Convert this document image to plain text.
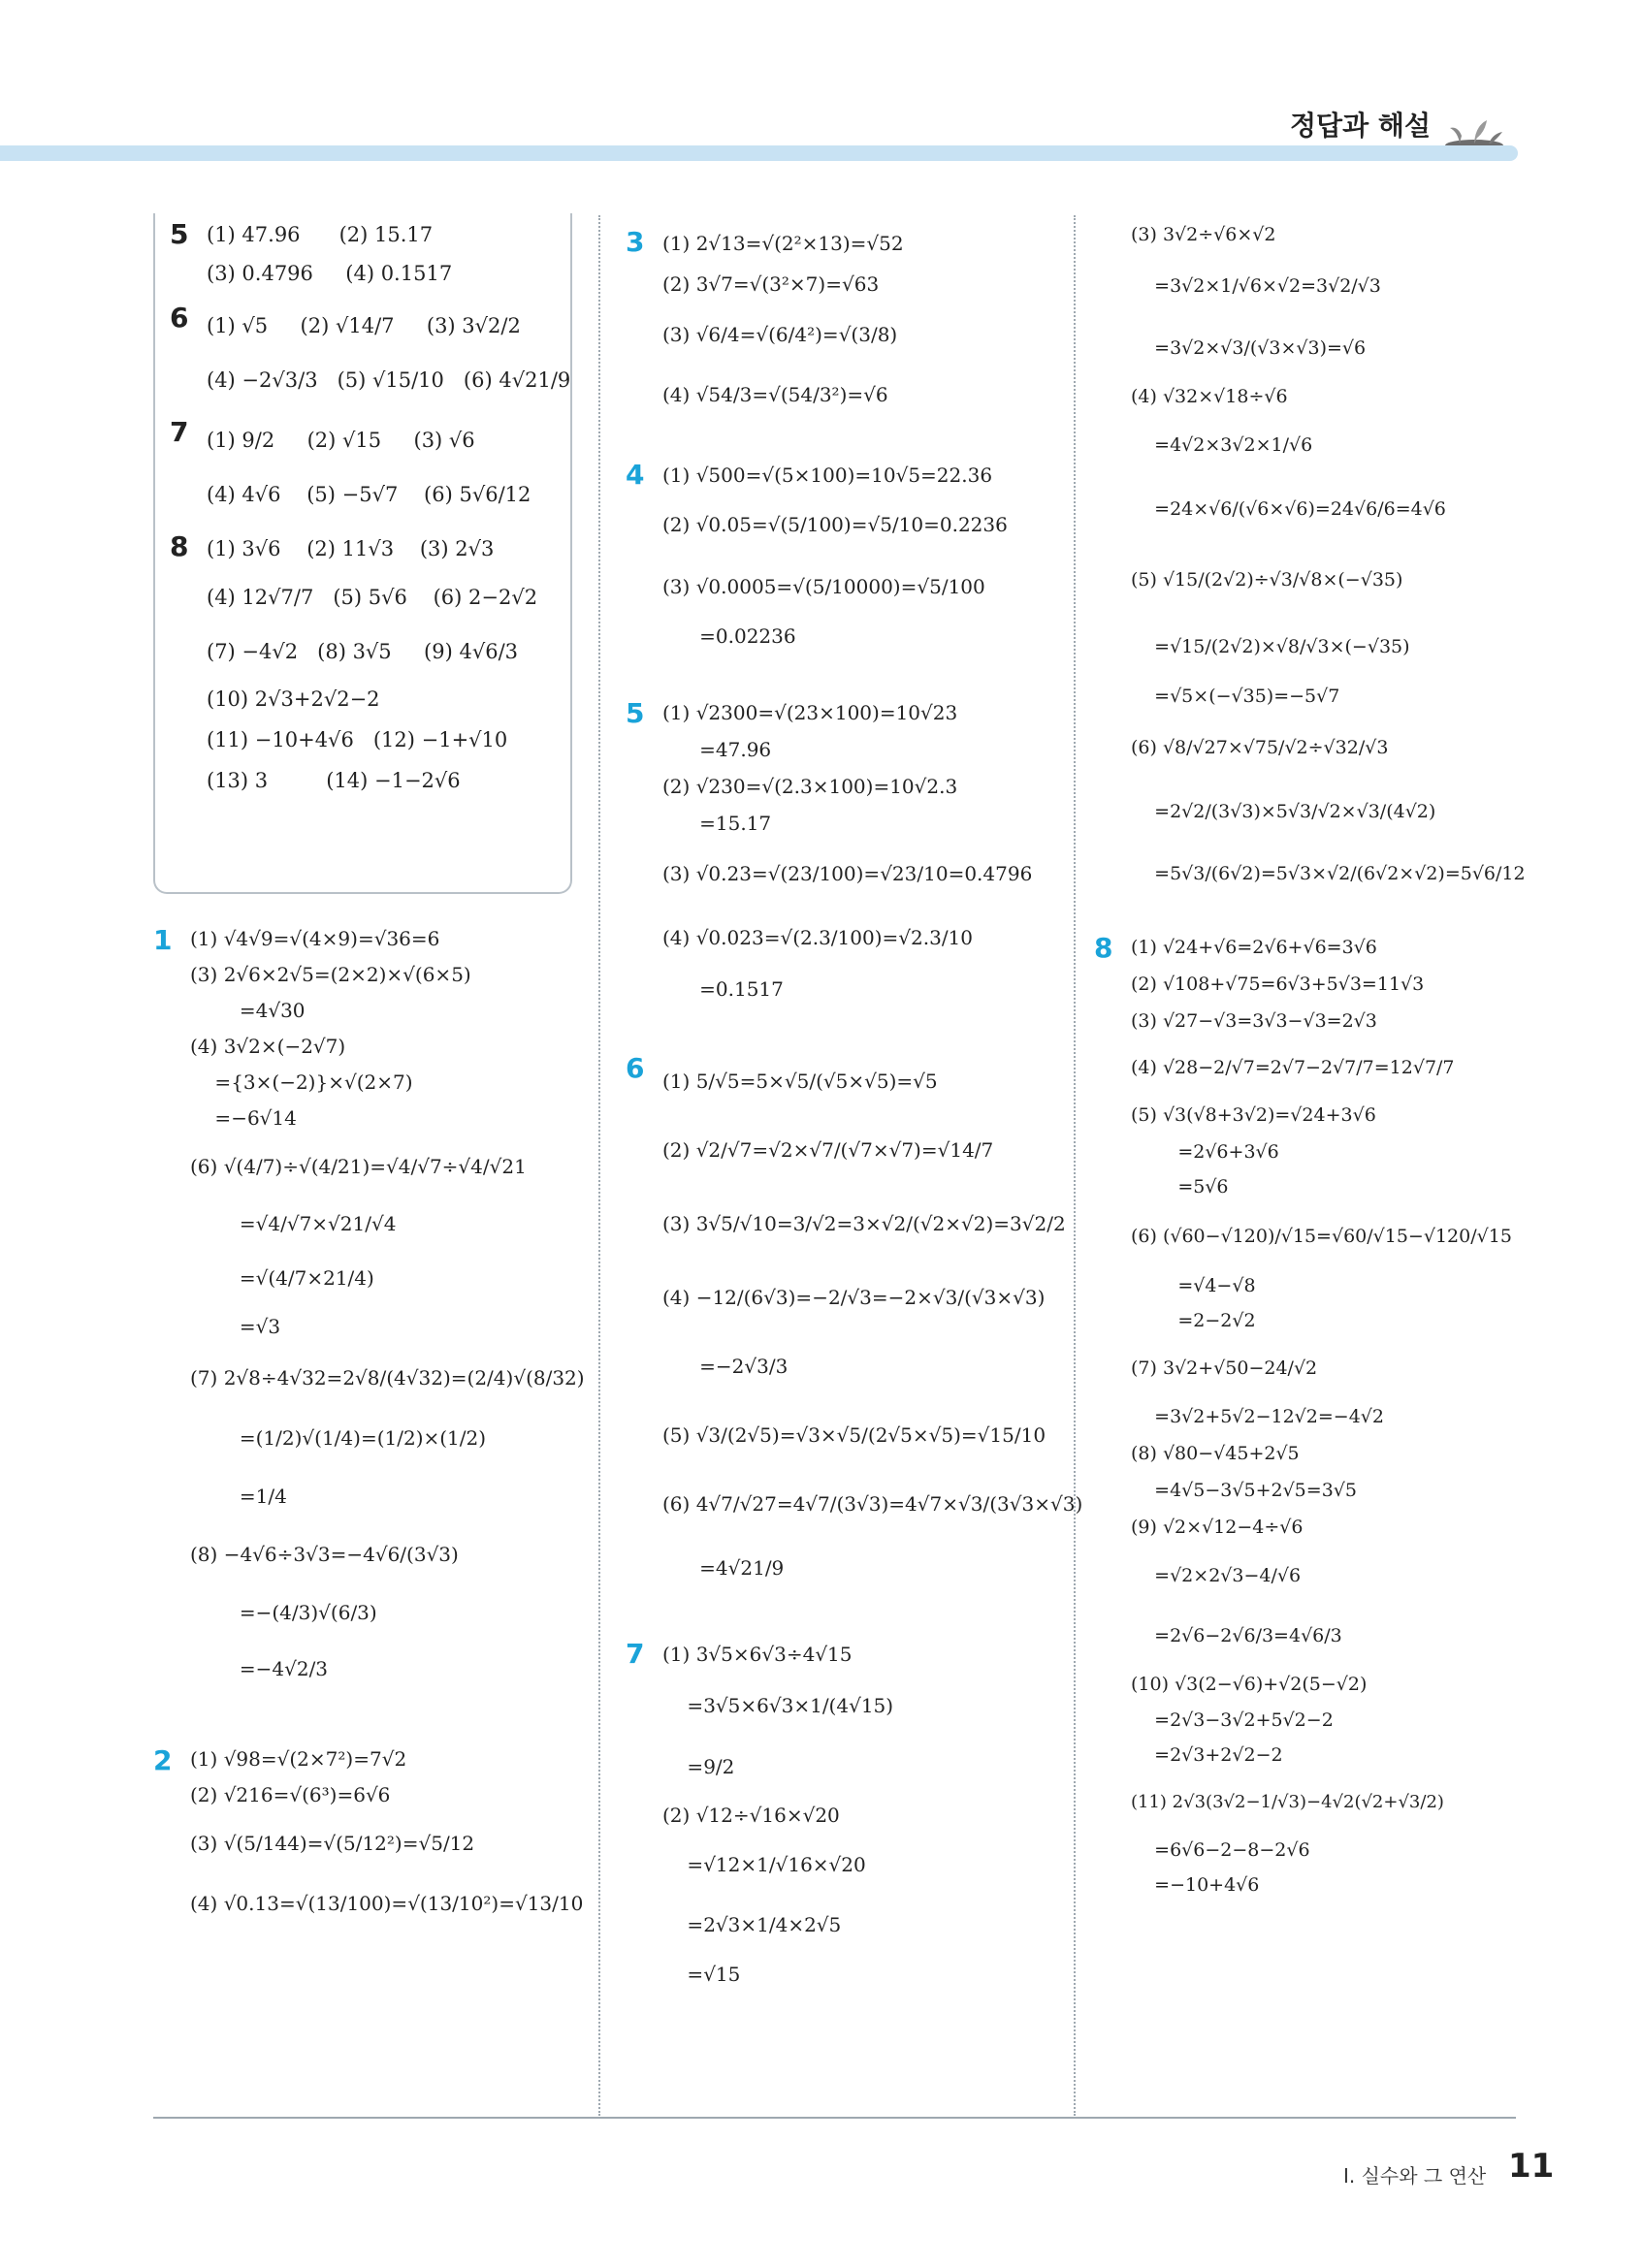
정답과 해설
5 (1) 47.96      (2) 15.17
(3) 0.4796     (4) 0.1517
6 (1) √5     (2) √14/7     (3) 3√2/2
(4) −2√3/3   (5) √15/10   (6) 4√21/9
7 (1) 9/2     (2) √15     (3) √6
(4) 4√6    (5) −5√7    (6) 5√6/12
8 (1) 3√6    (2) 11√3    (3) 2√3
(4) 12√7/7   (5) 5√6    (6) 2−2√2
(7) −4√2   (8) 3√5     (9) 4√6/3
(10) 2√3+2√2−2
(11) −10+4√6   (12) −1+√10
(13) 3         (14) −1−2√6
1 (1) √4√9=√(4×9)=√36=6
(3) 2√6×2√5=(2×2)×√(6×5)
=4√30
(4) 3√2×(−2√7)
={3×(−2)}×√(2×7)
=−6√14
(6) √(4/7)÷√(4/21)=√4/√7÷√4/√21
=√4/√7×√21/√4
=√(4/7×21/4)
=√3
(7) 2√8÷4√32=2√8/(4√32)=(2/4)√(8/32)
=(1/2)√(1/4)=(1/2)×(1/2)
=1/4
(8) −4√6÷3√3=−4√6/(3√3)
=−(4/3)√(6/3)
=−4√2/3
2 (1) √98=√(2×7²)=7√2
(2) √216=√(6³)=6√6
(3) √(5/144)=√(5/12²)=√5/12
(4) √0.13=√(13/100)=√(13/10²)=√13/10
3 (1) 2√13=√(2²×13)=√52
(2) 3√7=√(3²×7)=√63
(3) √6/4=√(6/4²)=√(3/8)
(4) √54/3=√(54/3²)=√6
4 (1) √500=√(5×100)=10√5=22.36
(2) √0.05=√(5/100)=√5/10=0.2236
(3) √0.0005=√(5/10000)=√5/100
=0.02236
5 (1) √2300=√(23×100)=10√23
=47.96
(2) √230=√(2.3×100)=10√2.3
=15.17
(3) √0.23=√(23/100)=√23/10=0.4796
(4) √0.023=√(2.3/100)=√2.3/10
=0.1517
6 (1) 5/√5=5×√5/(√5×√5)=√5
(2) √2/√7=√2×√7/(√7×√7)=√14/7
(3) 3√5/√10=3/√2=3×√2/(√2×√2)=3√2/2
(4) −12/(6√3)=−2/√3=−2×√3/(√3×√3)
=−2√3/3
(5) √3/(2√5)=√3×√5/(2√5×√5)=√15/10
(6) 4√7/√27=4√7/(3√3)=4√7×√3/(3√3×√3)
=4√21/9
7 (1) 3√5×6√3÷4√15
=3√5×6√3×1/(4√15)
=9/2
(2) √12÷√16×√20
=√12×1/√16×√20
=2√3×1/4×2√5
=√15
(3) 3√2÷√6×√2
=3√2×1/√6×√2=3√2/√3
=3√2×√3/(√3×√3)=√6
(4) √32×√18÷√6
=4√2×3√2×1/√6
=24×√6/(√6×√6)=24√6/6=4√6
(5) √15/(2√2)÷√3/√8×(−√35)
=√15/(2√2)×√8/√3×(−√35)
=√5×(−√35)=−5√7
(6) √8/√27×√75/√2÷√32/√3
=2√2/(3√3)×5√3/√2×√3/(4√2)
=5√3/(6√2)=5√3×√2/(6√2×√2)=5√6/12
8 (1) √24+√6=2√6+√6=3√6
(2) √108+√75=6√3+5√3=11√3
(3) √27−√3=3√3−√3=2√3
(4) √28−2/√7=2√7−2√7/7=12√7/7
(5) √3(√8+3√2)=√24+3√6
=2√6+3√6
=5√6
(6) (√60−√120)/√15=√60/√15−√120/√15
=√4−√8
=2−2√2
(7) 3√2+√50−24/√2
=3√2+5√2−12√2=−4√2
(8) √80−√45+2√5
=4√5−3√5+2√5=3√5
(9) √2×√12−4÷√6
=√2×2√3−4/√6
=2√6−2√6/3=4√6/3
(10) √3(2−√6)+√2(5−√2)
=2√3−3√2+5√2−2
=2√3+2√2−2
(11) 2√3(3√2−1/√3)−4√2(√2+√3/2)
=6√6−2−8−2√6
=−10+4√6
Ⅰ. 실수와 그 연산 11
